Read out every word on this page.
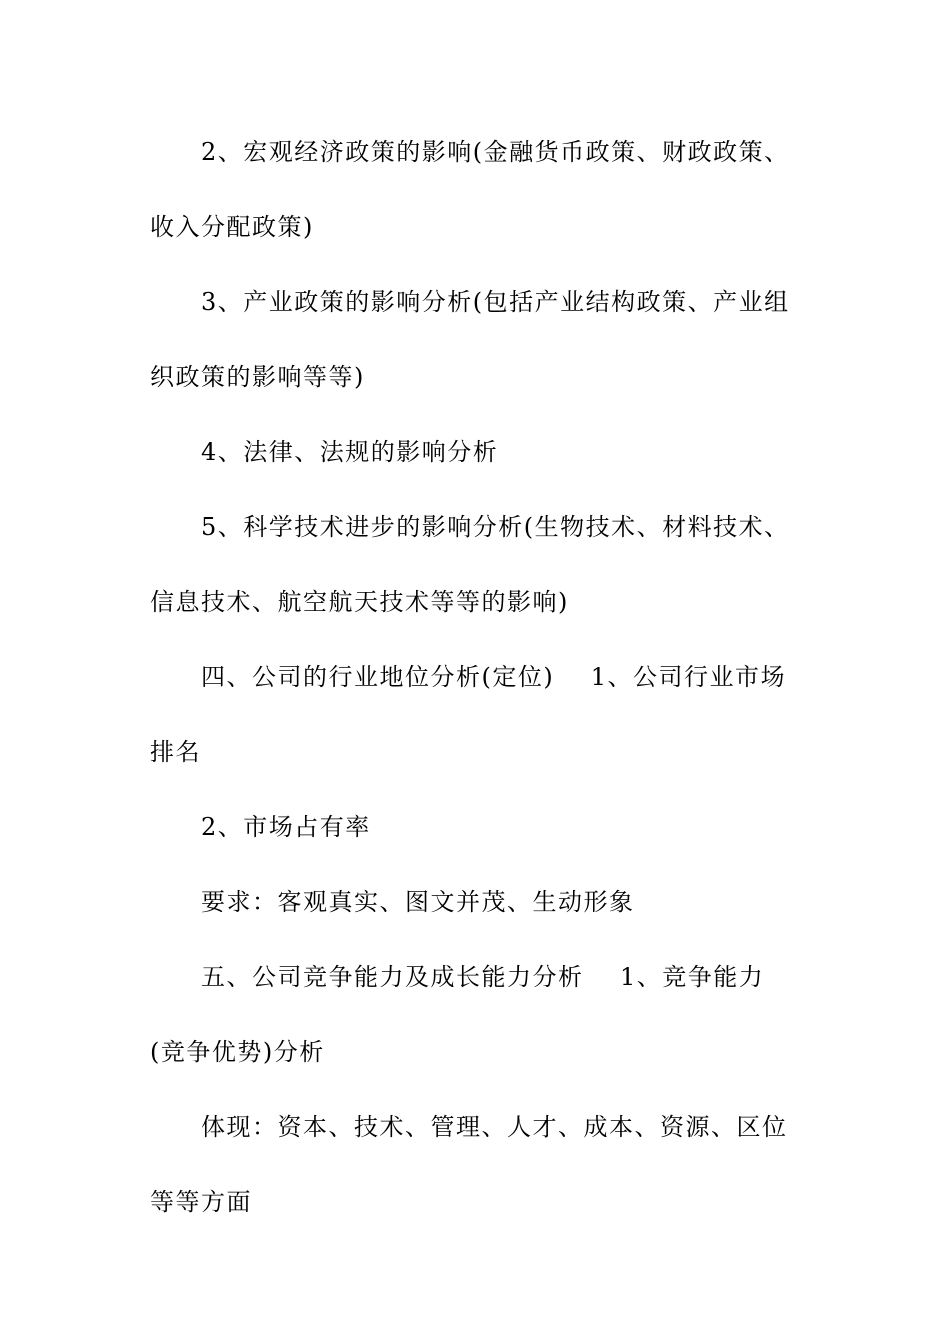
2、宏观经济政策的影响(金融货币政策、财政政策、
收入分配政策)
3、产业政策的影响分析(包括产业结构政策、产业组
织政策的影响等等)
4、法律、法规的影响分析
5、科学技术进步的影响分析(生物技术、材料技术、
信息技术、航空航天技术等等的影响)
四、公司的行业地位分析(定位)    1、公司行业市场
排名
2、市场占有率
要求：客观真实、图文并茂、生动形象
五、公司竞争能力及成长能力分析    1、竞争能力
(竞争优势)分析
体现：资本、技术、管理、人才、成本、资源、区位
等等方面
